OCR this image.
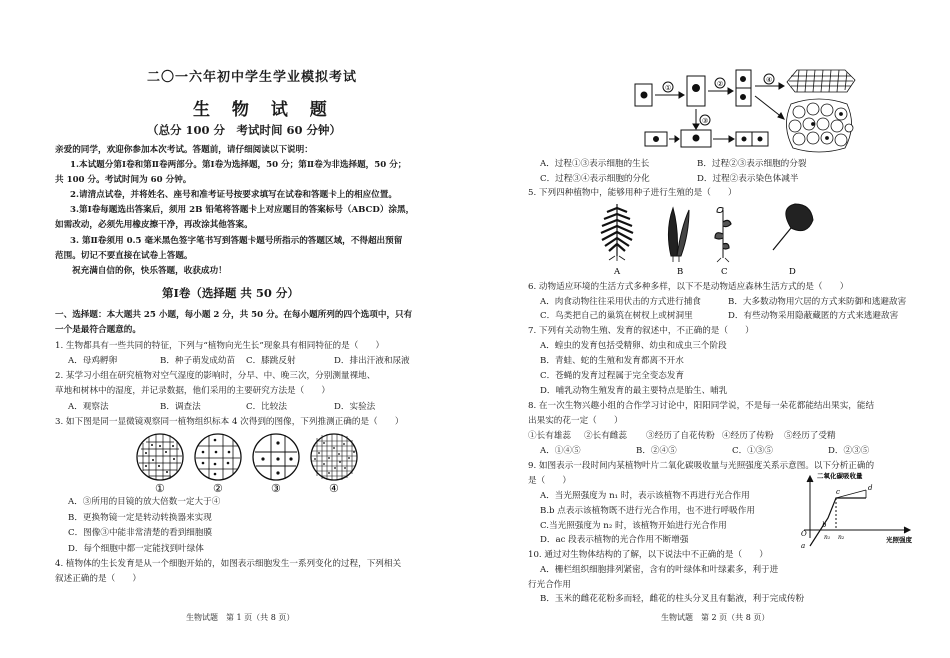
二〇一六年初中学生学业模拟考试
生 物 试 题
（总分 100 分　考试时间 60 分钟）
亲爱的同学，欢迎你参加本次考试。答题前，请仔细阅读以下说明：
1.本试题分第Ⅰ卷和第Ⅱ卷两部分。第Ⅰ卷为选择题，50 分；第Ⅱ卷为非选择题，50 分；
共 100 分。考试时间为 60 分钟。
2.请清点试卷，并将姓名、座号和准考证号按要求填写在试卷和答题卡上的相应位置。
3.第Ⅰ卷每题选出答案后，须用 2B 铅笔将答题卡上对应题目的答案标号（ABCD）涂黑，
如需改动，必须先用橡皮擦干净，再改涂其他答案。
3. 第Ⅱ卷须用 0.5 毫米黑色签字笔书写到答题卡题号所指示的答题区域，不得超出预留
范围。切记不要直接在试卷上答题。
祝充满自信的你，快乐答题，收获成功！
第Ⅰ卷（选择题 共 50 分）
一、选择题：本大题共 25 小题，每小题 2 分，共 50 分。在每小题所列的四个选项中，只有
一个是最符合题意的。
1. 生物都具有一些共同的特征，下列与“植物向光生长”现象具有相同特征的是（　　）
A．母鸡孵卵	B．种子萌发成幼苗	C．膝跳反射	D．排出汗液和尿液
2. 某学习小组在研究植物对空气湿度的影响时，分早、中、晚三次，分别测量裸地、
草地和树林中的湿度，并记录数据，他们采用的主要研究方法是（　　）
A．观察法	B．调查法	C．比较法	D．实验法
3. 如下图是同一显微镜观察同一植物组织标本 4 次得到的图像，下列推测正确的是（　　）
①	②	③	④
A．③所用的目镜的放大倍数一定大于④
B．更换物镜一定是转动转换器来实现
C．图像③中能非常清楚的看到细胞膜
D．每个细胞中都一定能找到叶绿体
4. 植物体的生长发育是从一个细胞开始的，如图表示细胞发生一系列变化的过程，下列相关
叙述正确的是（　　）
生物试题　第 1 页（共 8 页）
①	②
③
④
A．过程①③表示细胞的生长	B．过程②③表示细胞的分裂
C．过程③④表示细胞的分化	D．过程②表示染色体减半
5. 下列四种植物中，能够用种子进行生殖的是（　　）
A	B	C	D
6. 动物适应环境的生活方式多种多样，以下不是动物适应森林生活方式的是（　　）
A．肉食动物往往采用伏击的方式进行捕食	B．大多数动物用穴居的方式来防御和逃避敌害
C．鸟类把自己的巢筑在树杈上或树洞里	D．有些动物采用隐蔽藏匿的方式来逃避敌害
7. 下列有关动物生殖、发育的叙述中，不正确的是（　　）
A．蝗虫的发育包括受精卵、幼虫和成虫三个阶段
B．青蛙、蛇的生殖和发育都离不开水
C．苍蝇的发育过程属于完全变态发育
D．哺乳动物生殖发育的最主要特点是胎生、哺乳
8. 在一次生物兴趣小组的合作学习讨论中，阳阳同学说，不是每一朵花都能结出果实，能结
出果实的花一定（　　）
①长有雄蕊	②长有雌蕊	③经历了自花传粉 ④经历了传粉	⑤经历了受精
A．①④⑤	B．②④⑤	C．①③⑤	D．②③⑤
9. 如图表示一段时间内某植物叶片二氧化碳吸收量与光照强度关系示意图。以下分析正确的
是（　　）
A．当光照强度为 n₁ 时，表示该植物不再进行光合作用
B.b 点表示该植物既不进行光合作用，也不进行呼吸作用
C.当光照强度为 n₂ 时，该植物开始进行光合作用
D．ac 段表示植物的光合作用不断增强
二氧化碳吸收量
光照强度
O
a
b
c	d
n₁ n₂
10. 通过对生物体结构的了解，以下说法中不正确的是（　　）
A．栅栏组织细胞排列紧密，含有的叶绿体和叶绿素多，利于进
行光合作用
B．玉米的雌花花粉多而轻，雌花的柱头分叉且有黏液，利于完成传粉
生物试题　第 2 页（共 8 页）
